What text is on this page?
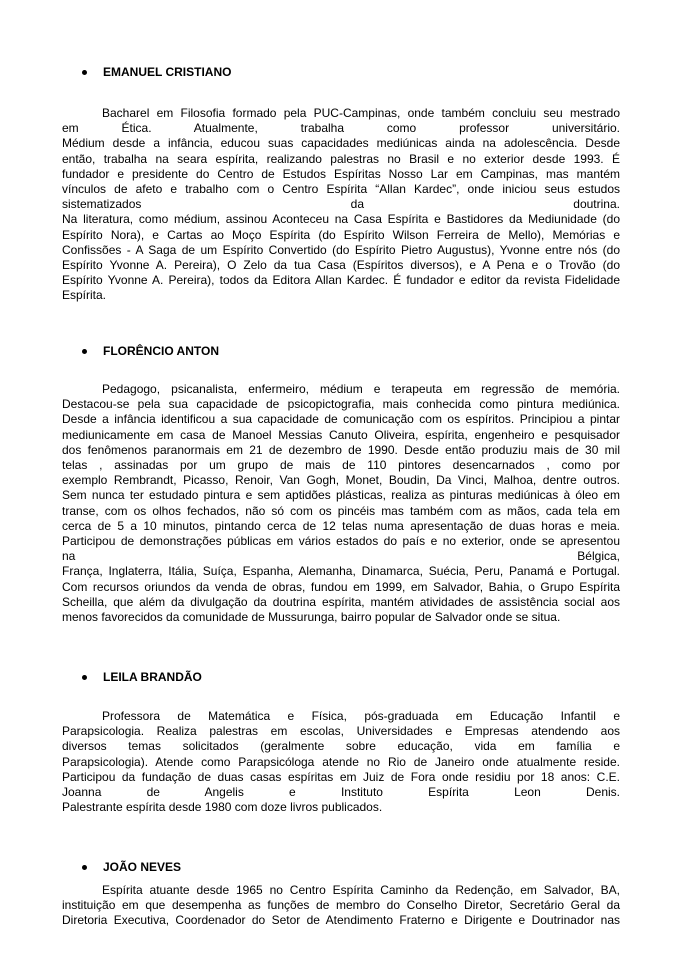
EMANUEL CRISTIANO
Bacharel em Filosofia formado pela PUC-Campinas, onde também concluiu seu mestrado
em Ética. Atualmente, trabalha como professor universitário.
Médium desde a infância, educou suas capacidades mediúnicas ainda na adolescência. Desde
então, trabalha na seara espírita, realizando palestras no Brasil e no exterior desde 1993. É
fundador e presidente do Centro de Estudos Espíritas Nosso Lar em Campinas, mas mantém
vínculos de afeto e trabalho com o Centro Espírita “Allan Kardec”, onde iniciou seus estudos
sistematizados da doutrina.
Na literatura, como médium, assinou Aconteceu na Casa Espírita e Bastidores da Mediunidade (do
Espírito Nora), e Cartas ao Moço Espírita (do Espírito Wilson Ferreira de Mello), Memórias e
Confissões - A Saga de um Espírito Convertido (do Espírito Pietro Augustus), Yvonne entre nós (do
Espírito Yvonne A. Pereira), O Zelo da tua Casa (Espíritos diversos), e A Pena e o Trovão (do
Espírito Yvonne A. Pereira), todos da Editora Allan Kardec. É fundador e editor da revista Fidelidade
Espírita.
FLORÊNCIO ANTON
Pedagogo, psicanalista, enfermeiro, médium e terapeuta em regressão de memória.
Destacou-se pela sua capacidade de psicopictografia, mais conhecida como pintura mediúnica.
Desde a infância identificou a sua capacidade de comunicação com os espíritos. Principiou a pintar
mediunicamente em casa de Manoel Messias Canuto Oliveira, espírita, engenheiro e pesquisador
dos fenômenos paranormais em 21 de dezembro de 1990. Desde então produziu mais de 30 mil
telas , assinadas por um grupo de mais de 110 pintores desencarnados , como por
exemplo Rembrandt, Picasso, Renoir, Van Gogh, Monet, Boudin, Da Vinci, Malhoa, dentre outros.
Sem nunca ter estudado pintura e sem aptidões plásticas, realiza as pinturas mediúnicas à óleo em
transe, com os olhos fechados, não só com os pincéis mas também com as mãos, cada tela em
cerca de 5 a 10 minutos, pintando cerca de 12 telas numa apresentação de duas horas e meia.
Participou de demonstrações públicas em vários estados do país e no exterior, onde se apresentou
na Bélgica,
França, Inglaterra, Itália, Suíça, Espanha, Alemanha, Dinamarca, Suécia, Peru, Panamá e Portugal.
Com recursos oriundos da venda de obras, fundou em 1999, em Salvador, Bahia, o Grupo Espírita
Scheilla, que além da divulgação da doutrina espírita, mantém atividades de assistência social aos
menos favorecidos da comunidade de Mussurunga, bairro popular de Salvador onde se situa.
LEILA BRANDÃO
Professora de Matemática e Física, pós-graduada em Educação Infantil e
Parapsicologia. Realiza palestras em escolas, Universidades e Empresas atendendo aos
diversos temas solicitados (geralmente sobre educação, vida em família e
Parapsicologia). Atende como Parapsicóloga atende no Rio de Janeiro onde atualmente reside.
Participou da fundação de duas casas espíritas em Juiz de Fora onde residiu por 18 anos: C.E.
Joanna de Angelis e Instituto Espírita Leon Denis.
Palestrante espírita desde 1980 com doze livros publicados.
JOÃO NEVES
Espírita atuante desde 1965 no Centro Espírita Caminho da Redenção, em Salvador, BA,
instituição em que desempenha as funções de membro do Conselho Diretor, Secretário Geral da
Diretoria Executiva, Coordenador do Setor de Atendimento Fraterno e Dirigente e Doutrinador nas
